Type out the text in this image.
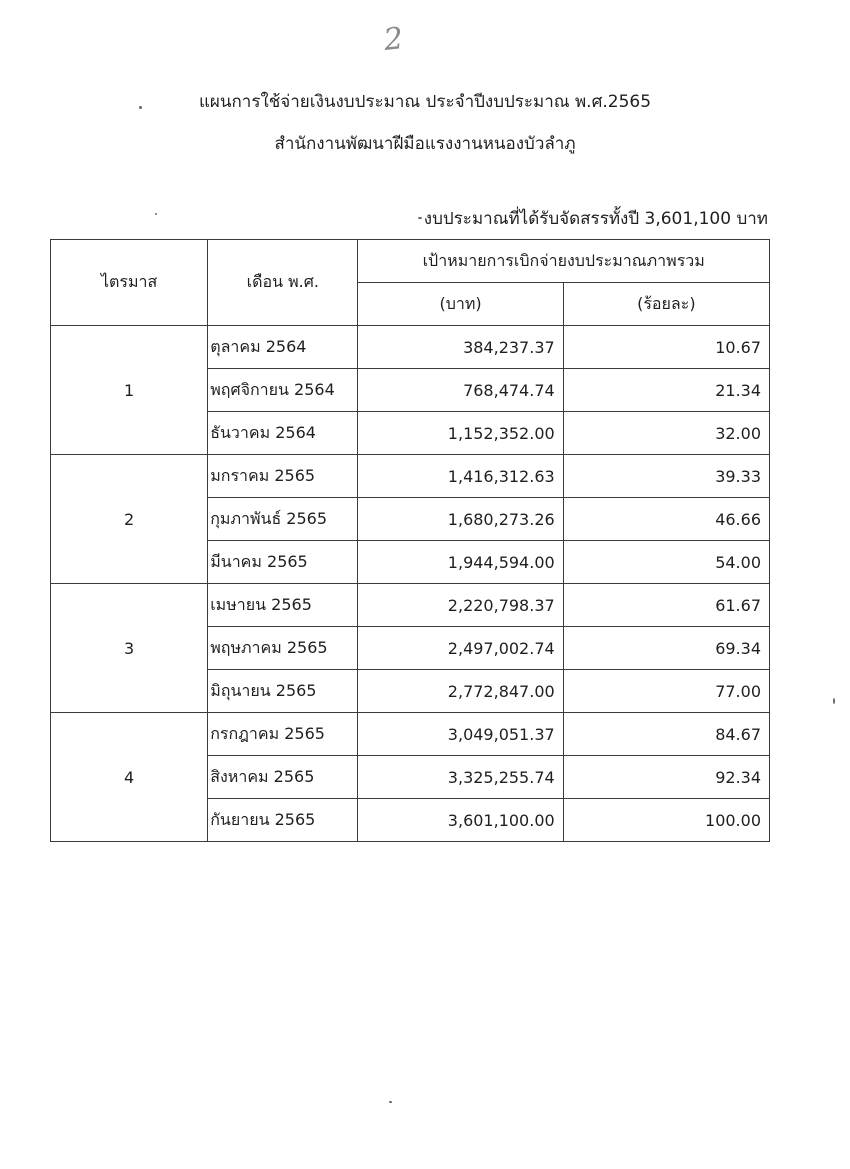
2
แผนการใช้จ่ายเงินงบประมาณ ประจำปีงบประมาณ พ.ศ.2565
สำนักงานพัฒนาฝีมือแรงงานหนองบัวลำภู
งบประมาณที่ได้รับจัดสรรทั้งปี 3,601,100 บาท
ไตรมาส	เดือน พ.ศ.	เป้าหมายการเบิกจ่ายงบประมาณภาพรวม	
		(บาท)	(ร้อยละ)
1	ตุลาคม 2564	384,237.37	10.67
	พฤศจิกายน 2564	768,474.74	21.34
	ธันวาคม 2564	1,152,352.00	32.00
2	มกราคม 2565	1,416,312.63	39.33
	กุมภาพันธ์ 2565	1,680,273.26	46.66
	มีนาคม 2565	1,944,594.00	54.00
3	เมษายน 2565	2,220,798.37	61.67
	พฤษภาคม 2565	2,497,002.74	69.34
	มิถุนายน 2565	2,772,847.00	77.00
4	กรกฎาคม 2565	3,049,051.37	84.67
	สิงหาคม 2565	3,325,255.74	92.34
	กันยายน 2565	3,601,100.00	100.00
